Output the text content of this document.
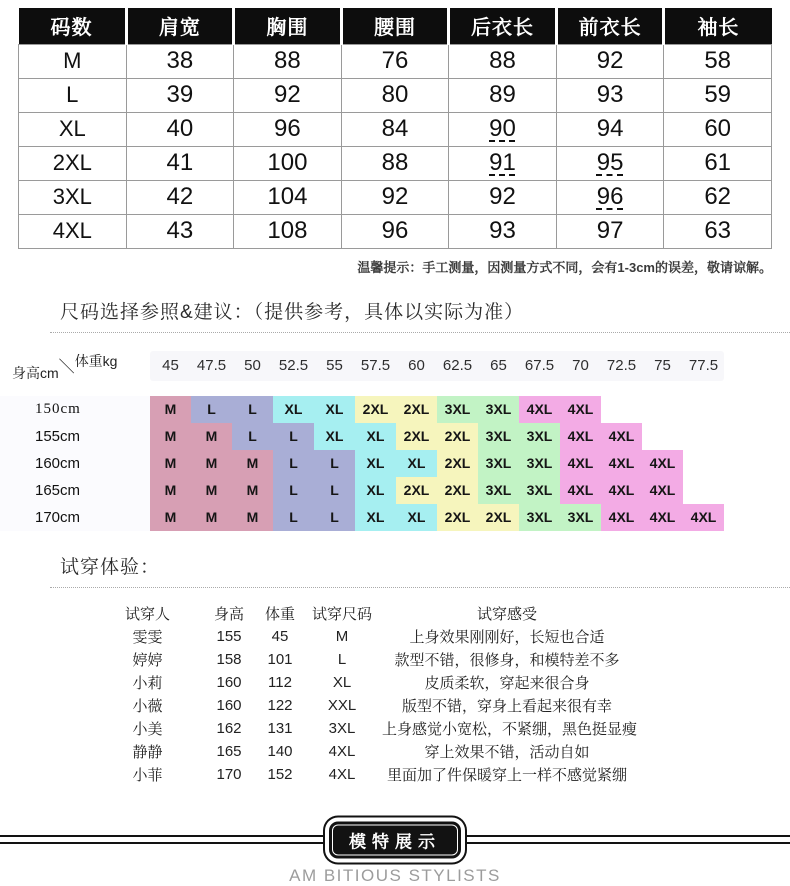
码数	肩宽	胸围	腰围	后衣长	前衣长	袖长
M	38	88	76	88	92	58
L	39	92	80	89	93	59
XL	40	96	84	90	94	60
2XL	41	100	88	91	95	61
3XL	42	104	92	92	96	62
4XL	43	108	96	93	97	63
温馨提示：手工测量，因测量方式不同，会有1-3cm的误差，敬请谅解。
尺码选择参照&建议：（提供参考，具体以实际为准）
身高cm＼体重kg	45	47.5	50	52.5	55	57.5	60	62.5	65	67.5	70	72.5	75	77.5
150cm	M	L	L	XL	XL	2XL	2XL	3XL	3XL	4XL	4XL
155cm	M	M	L	L	XL	XL	2XL	2XL	3XL	3XL	4XL	4XL
160cm	M	M	M	L	L	XL	XL	2XL	3XL	3XL	4XL	4XL	4XL
165cm	M	M	M	L	L	XL	2XL	2XL	3XL	3XL	4XL	4XL	4XL
170cm	M	M	M	L	L	XL	XL	2XL	2XL	3XL	3XL	4XL	4XL	4XL
试穿体验：
试穿人	身高	体重	试穿尺码	试穿感受
雯雯	155	45	M	上身效果刚刚好，长短也合适
婷婷	158	101	L	款型不错，很修身，和模特差不多
小莉	160	112	XL	皮质柔软，穿起来很合身
小薇	160	122	XXL	版型不错，穿身上看起来很有幸
小美	162	131	3XL	上身感觉小宽松，不紧绷，黑色挺显瘦
静静	165	140	4XL	穿上效果不错，活动自如
小菲	170	152	4XL	里面加了件保暖穿上一样不感觉紧绷
模特展示
AM BITIOUS STYLISTS
